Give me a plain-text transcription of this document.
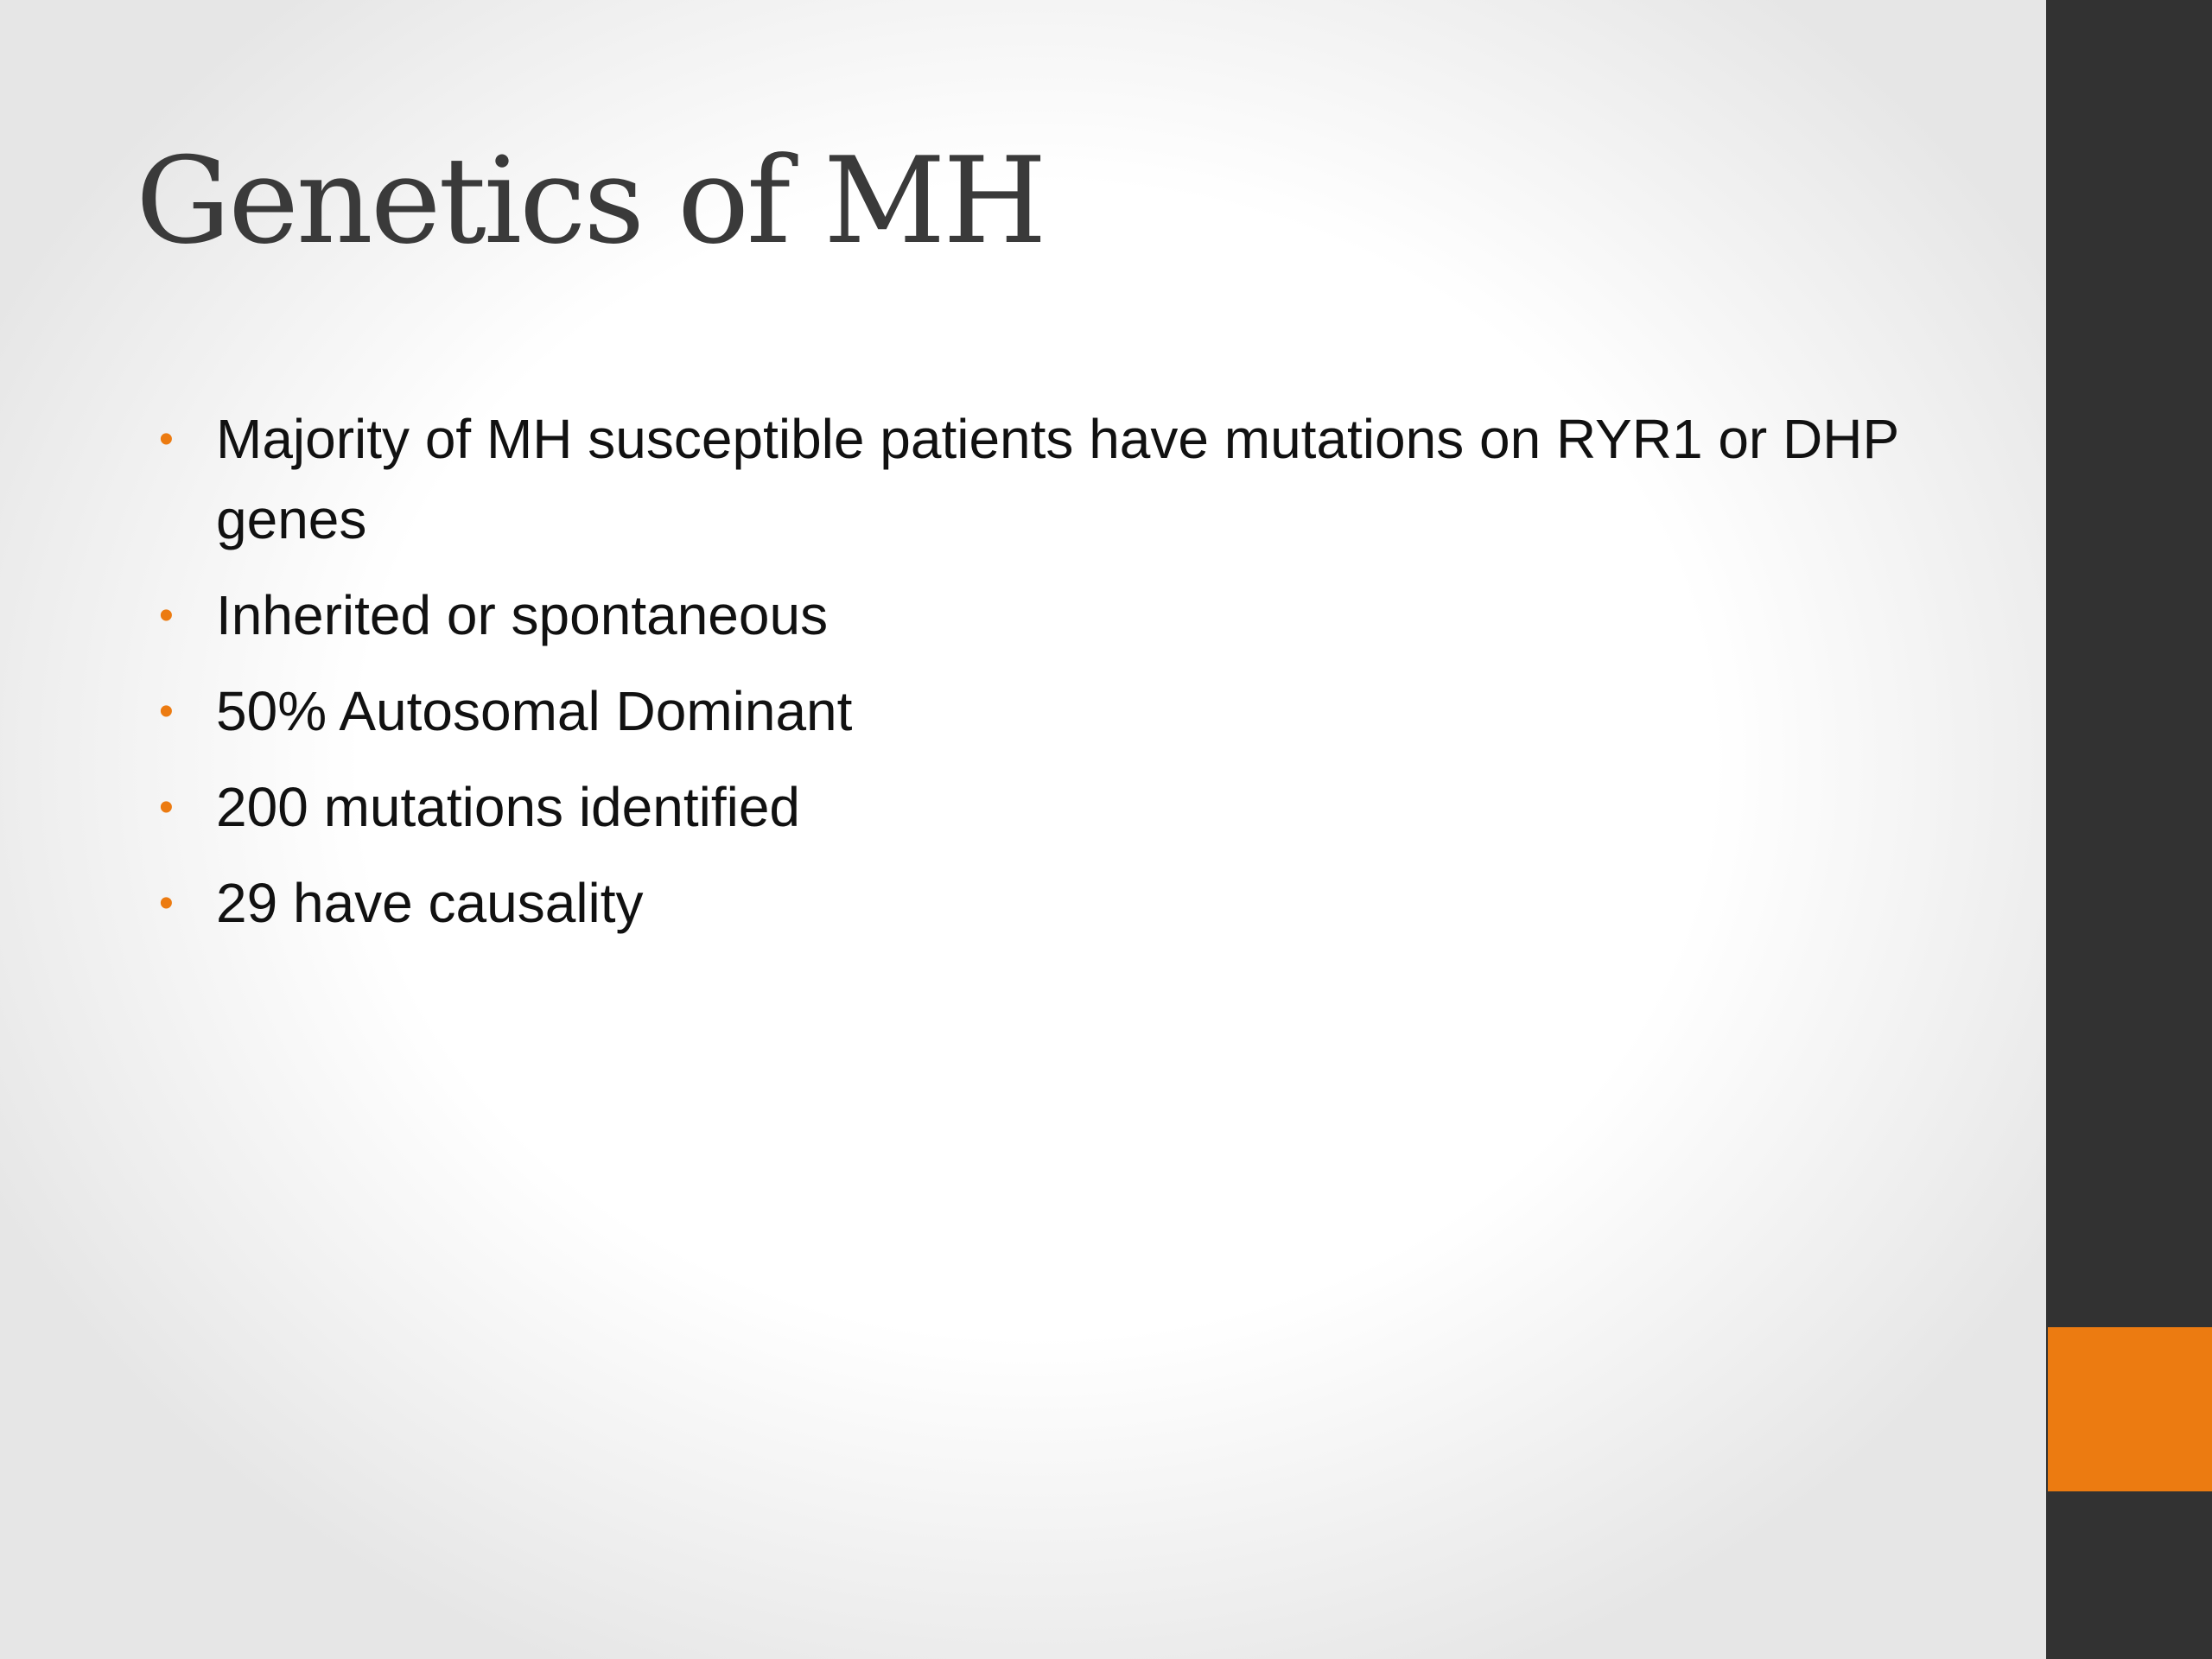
Genetics of MH
• Majority of MH susceptible patients have mutations on RYR1 or DHP genes
• Inherited or spontaneous
• 50% Autosomal Dominant
• 200 mutations identified
• 29 have causality
